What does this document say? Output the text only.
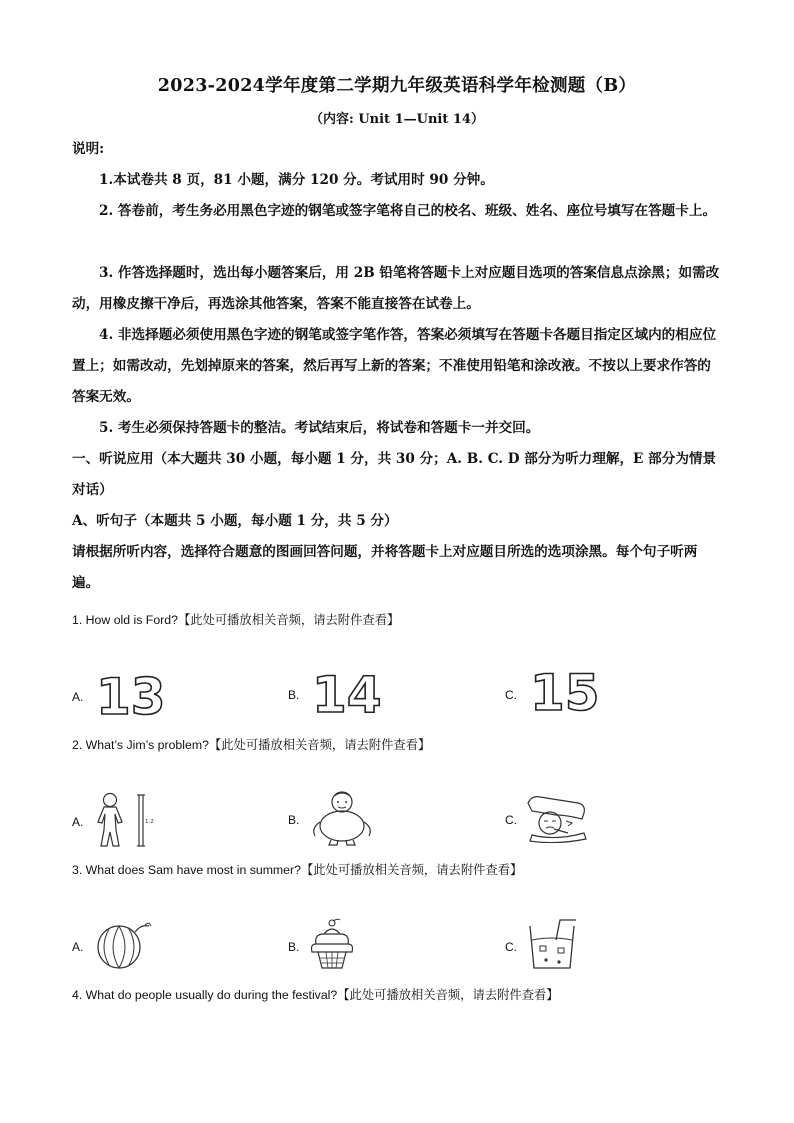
2023-2024学年度第二学期九年级英语科学年检测题（B）
（内容: Unit 1—Unit 14）
说明:
1.本试卷共 8 页，81 小题，满分 120 分。考试用时 90 分钟。
2. 答卷前，考生务必用黑色字迹的钢笔或签字笔将自己的校名、班级、姓名、座位号填写在答题卡上。
3. 作答选择题时，选出每小题答案后，用 2B 铅笔将答题卡上对应题目选项的答案信息点涂黑；如需改动，用橡皮擦干净后，再选涂其他答案，答案不能直接答在试卷上。
4. 非选择题必须使用黑色字迹的钢笔或签字笔作答，答案必须填写在答题卡各题目指定区域内的相应位置上；如需改动，先划掉原来的答案，然后再写上新的答案；不准使用铅笔和涂改液。不按以上要求作答的答案无效。
5. 考生必须保持答题卡的整洁。考试结束后，将试卷和答题卡一并交回。
一、听说应用（本大题共 30 小题，每小题 1 分，共 30 分；A. B. C. D 部分为听力理解，E 部分为情景对话）
A、听句子（本题共 5 小题，每小题 1 分，共 5 分）
请根据所听内容，选择符合题意的图画回答问题，并将答题卡上对应题目所选的选项涂黑。每个句子听两遍。
1. How old is Ford?【此处可播放相关音频，请去附件查看】
A. 13	B. 14	C. 15
2. What’s Jim’s problem?【此处可播放相关音频，请去附件查看】
A.	1.2	B.	C.
3. What does Sam have most in summer?【此处可播放相关音频，请去附件查看】
A.	B.	C.
4. What do people usually do during the festival?【此处可播放相关音频，请去附件查看】
